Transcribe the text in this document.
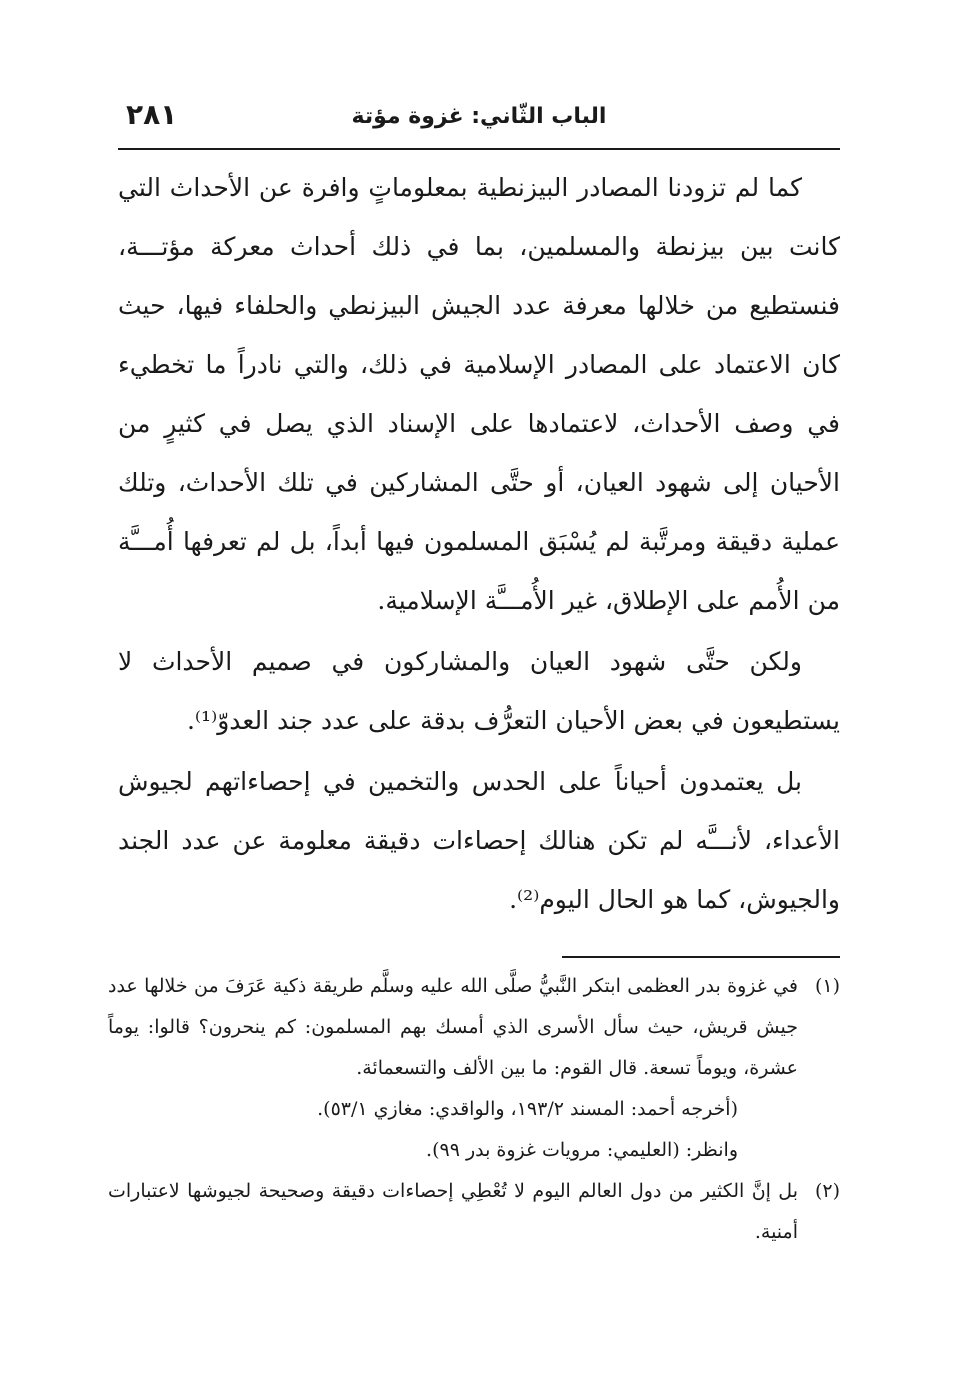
٢٨١	الباب الثّاني: غزوة مؤتة

كما لم تزودنا المصادر البيزنطية بمعلوماتٍ وافرة عن الأحداث التي كانت بين بيزنطة والمسلمين، بما في ذلك أحداث معركة مؤتـــة، فنستطيع من خلالها معرفة عدد الجيش البيزنطي والحلفاء فيها، حيث كان الاعتماد على المصادر الإسلامية في ذلك، والتي نادراً ما تخطيء في وصف الأحداث، لاعتمادها على الإسناد الذي يصل في كثيرٍ من الأحيان إلى شهود العيان، أو حتَّى المشاركين في تلك الأحداث، وتلك عملية دقيقة ومرتَّبة لم يُسْبَق المسلمون فيها أبداً، بل لم تعرفها أُمـــَّة من الأُمم على الإطلاق، غير الأُمـــَّة الإسلامية.

ولكن حتَّى شهود العيان والمشاركون في صميم الأحداث لا يستطيعون في بعض الأحيان التعرُّف بدقة على عدد جند العدوّ⁽¹⁾.

بل يعتمدون أحياناً على الحدس والتخمين في إحصاءاتهم لجيوش الأعداء، لأنـــَّه لم تكن هنالك إحصاءات دقيقة معلومة عن عدد الجند والجيوش، كما هو الحال اليوم⁽²⁾.

(١)
في غزوة بدر العظمى ابتكر النَّبيُّ صلَّى الله عليه وسلَّم طريقة ذكية عَرَفَ من خلالها عدد جيش قريش، حيث سأل الأسرى الذي أمسك بهم المسلمون: كم ينحرون؟ قالوا: يوماً عشرة، ويوماً تسعة. قال القوم: ما بين الألف والتسعمائة.
(أخرجه أحمد: المسند ١٩٣/٢، والواقدي: مغازي ٥٣/١).
وانظر: (العليمي: مرويات غزوة بدر ٩٩).
(٢)
بل إنَّ الكثير من دول العالم اليوم لا تُعْطِي إحصاءات دقيقة وصحيحة لجيوشها لاعتبارات أمنية.
